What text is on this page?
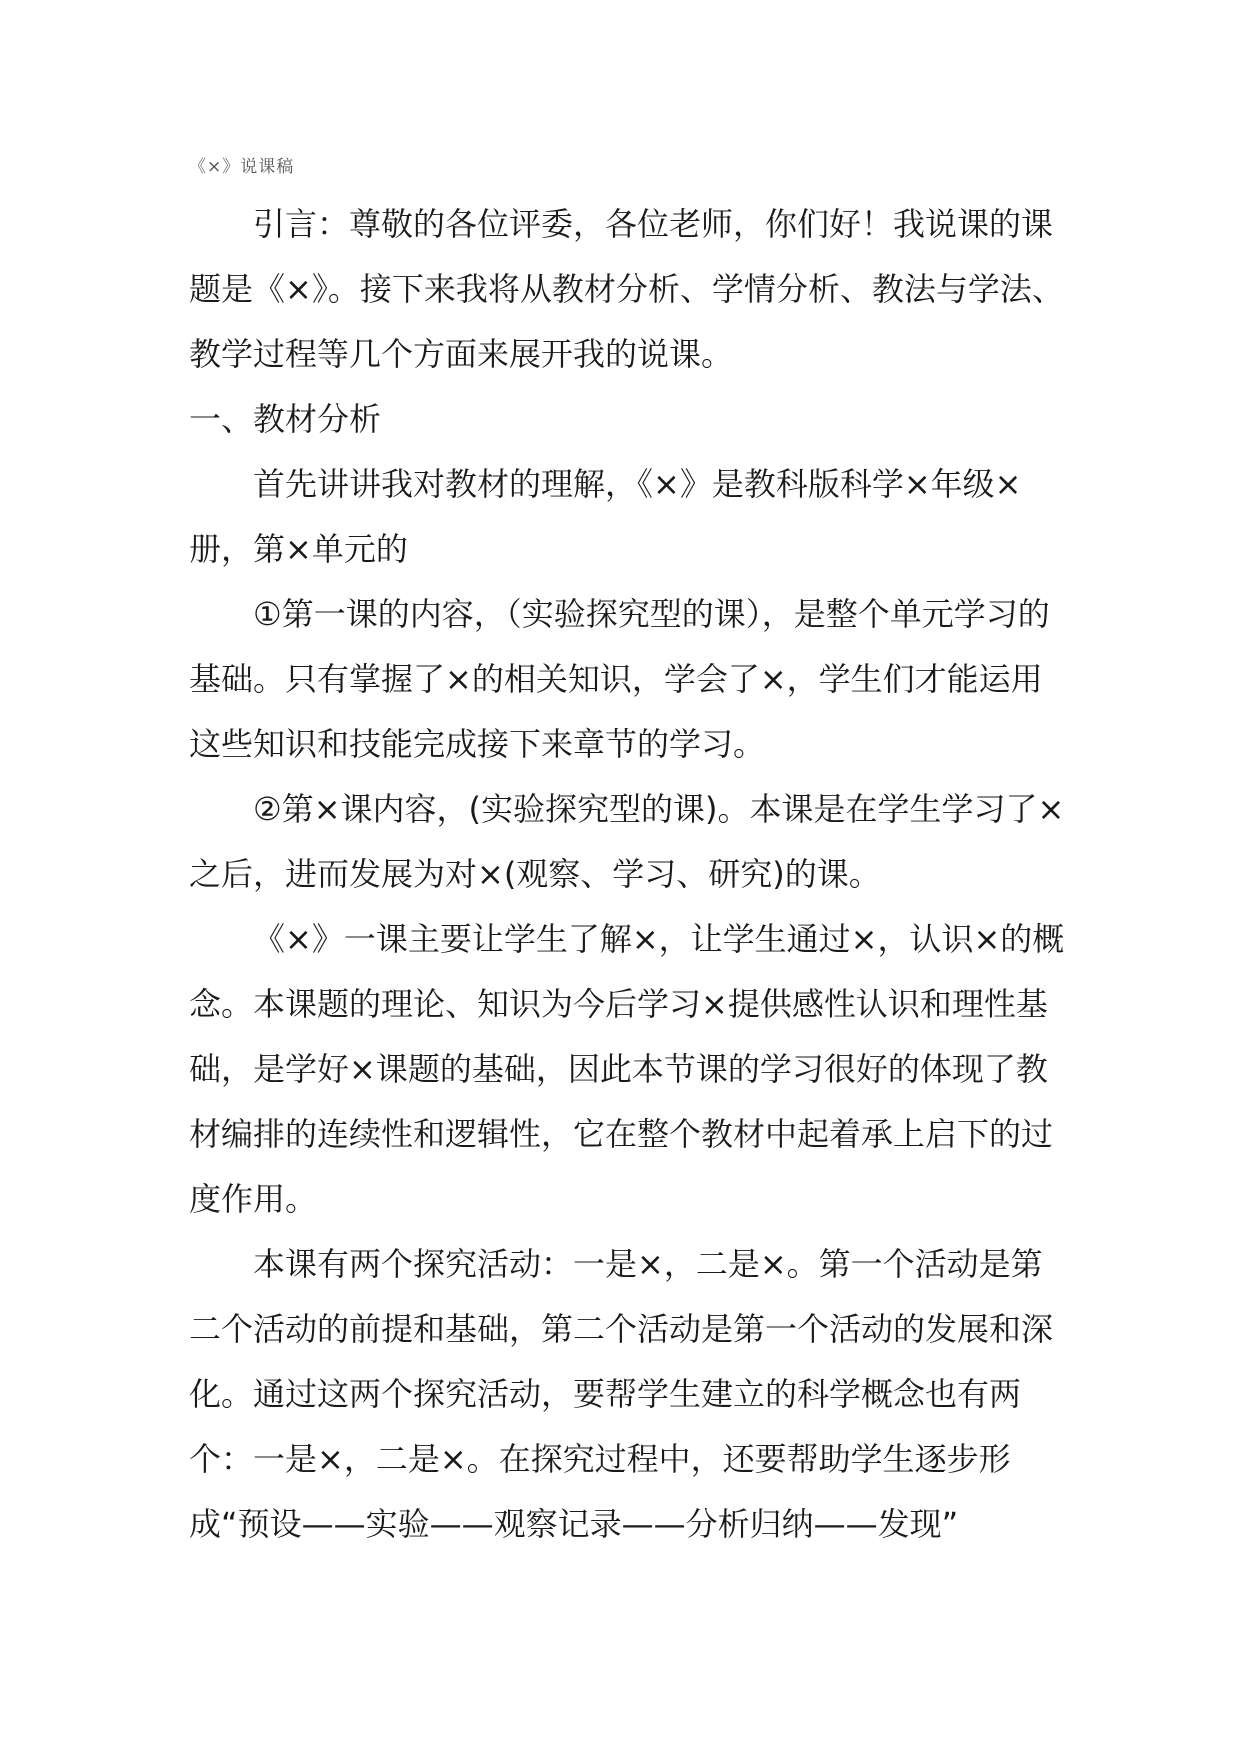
《×》说课稿
引言：尊敬的各位评委，各位老师，你们好！我说课的课题是《×》。接下来我将从教材分析、学情分析、教法与学法、教学过程等几个方面来展开我的说课。
一、教材分析
首先讲讲我对教材的理解，《×》是教科版科学×年级×册，第×单元的
①第一课的内容，（实验探究型的课），是整个单元学习的基础。只有掌握了×的相关知识，学会了×，学生们才能运用这些知识和技能完成接下来章节的学习。
②第×课内容，(实验探究型的课)。本课是在学生学习了×之后，进而发展为对×(观察、学习、研究)的课。
《×》一课主要让学生了解×，让学生通过×，认识×的概念。本课题的理论、知识为今后学习×提供感性认识和理性基础，是学好×课题的基础，因此本节课的学习很好的体现了教材编排的连续性和逻辑性，它在整个教材中起着承上启下的过度作用。
本课有两个探究活动：一是×，二是×。第一个活动是第二个活动的前提和基础，第二个活动是第一个活动的发展和深化。通过这两个探究活动，要帮学生建立的科学概念也有两个：一是×，二是×。在探究过程中，还要帮助学生逐步形成“预设——实验——观察记录——分析归纳——发现”
